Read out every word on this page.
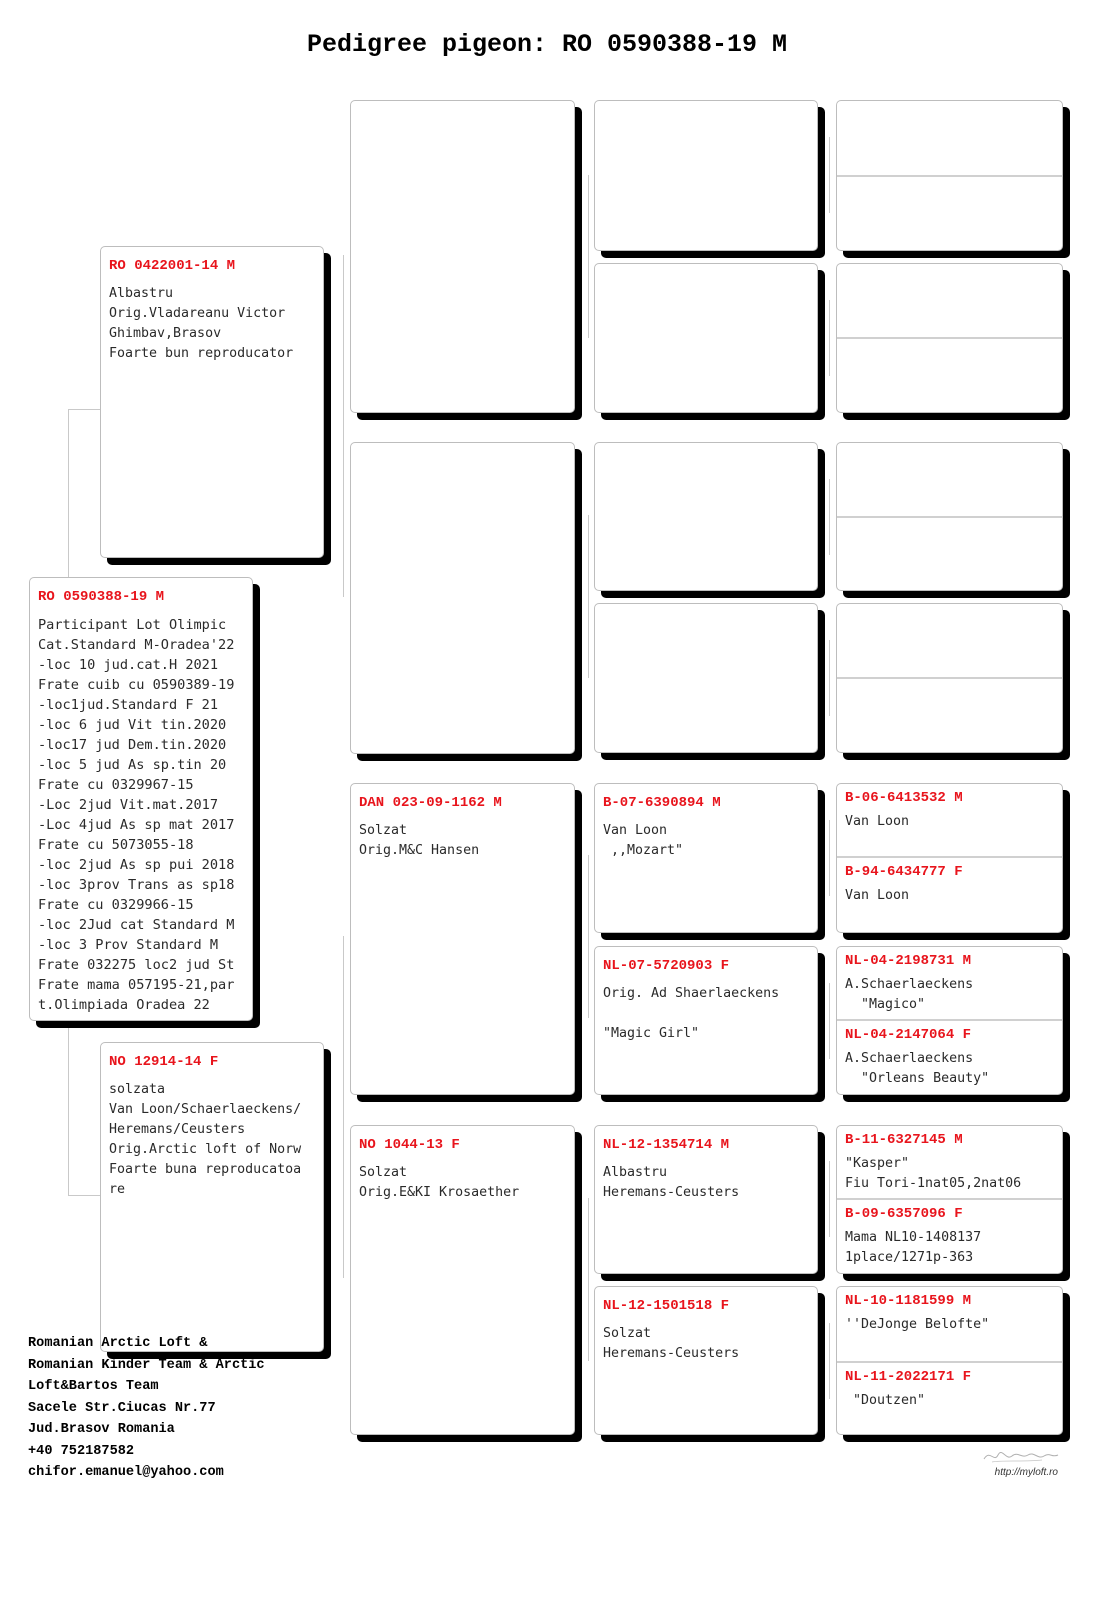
Pedigree pigeon: RO 0590388-19 M
RO 0590388-19 M
Participant Lot Olimpic
Cat.Standard M-Oradea'22
-loc 10 jud.cat.H 2021
Frate cuib cu 0590389-19
-loc1jud.Standard F 21
-loc 6 jud Vit tin.2020
-loc17 jud Dem.tin.2020
-loc 5 jud As sp.tin 20
Frate cu 0329967-15
-Loc 2jud Vit.mat.2017
-Loc 4jud As sp mat 2017
Frate cu 5073055-18
-loc 2jud As sp pui 2018
-loc 3prov Trans as sp18
Frate cu 0329966-15
-loc 2Jud cat Standard M
-loc 3 Prov Standard M
Frate 032275 loc2 jud St
Frate mama 057195-21,par
t.Olimpiada Oradea 22
RO 0422001-14 M
Albastru
Orig.Vladareanu Victor
Ghimbav,Brasov
Foarte bun reproducator
NO 12914-14 F
solzata
Van Loon/Schaerlaeckens/
Heremans/Ceusters
Orig.Arctic loft of Norw
Foarte buna reproducatoa
re
DAN 023-09-1162 M
Solzat
Orig.M&C Hansen
NO 1044-13 F
Solzat
Orig.E&KI Krosaether
B-07-6390894 M
Van Loon
,,Mozart"
NL-07-5720903 F
Orig. Ad Shaerlaeckens

"Magic Girl"
NL-12-1354714 M
Albastru
Heremans-Ceusters
NL-12-1501518 F
Solzat
Heremans-Ceusters
B-06-6413532 M
Van Loon
B-94-6434777 F
Van Loon
NL-04-2198731 M
A.Schaerlaeckens
"Magico"
NL-04-2147064 F
A.Schaerlaeckens
"Orleans Beauty"
B-11-6327145 M
"Kasper"
Fiu Tori-1nat05,2nat06
B-09-6357096 F
Mama NL10-1408137
1place/1271p-363
NL-10-1181599 M
''DeJonge Belofte"
NL-11-2022171 F
"Doutzen"
Romanian Arctic Loft &
Romanian Kinder Team & Arctic
Loft&Bartos Team
Sacele Str.Ciucas Nr.77
Jud.Brasov Romania
+40 752187582
chifor.emanuel@yahoo.com	http://myloft.ro
